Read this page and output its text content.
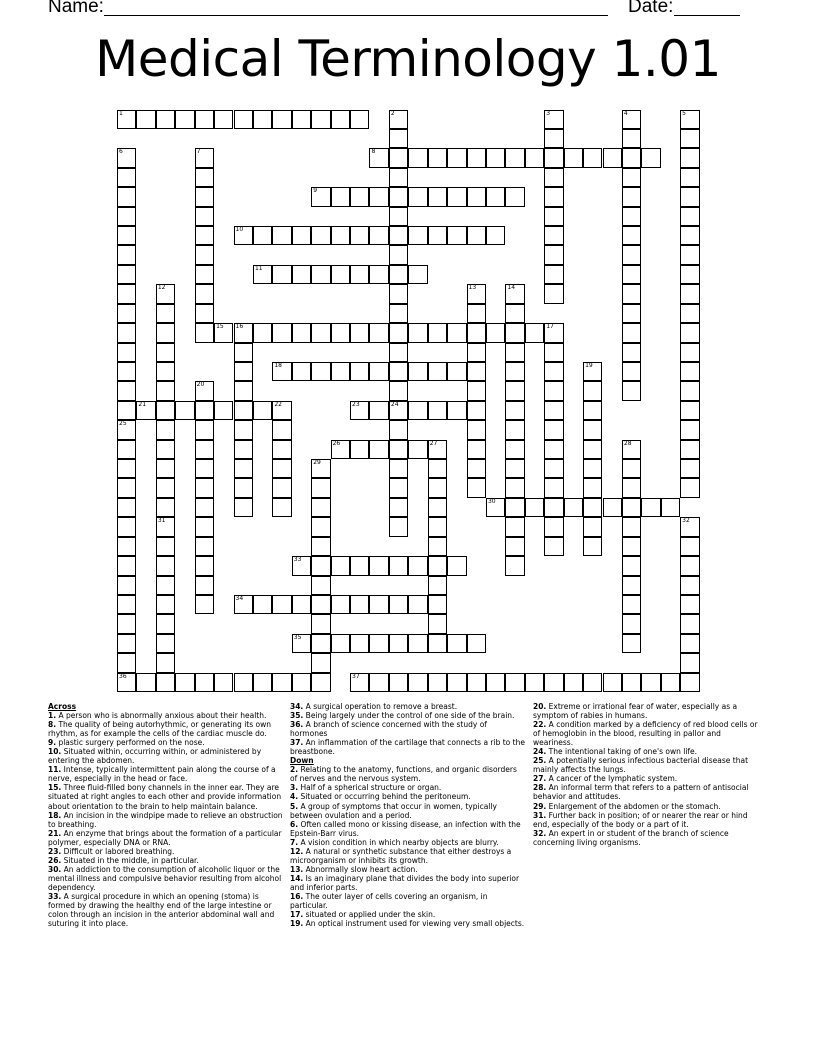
Name:	Date:
Medical Terminology 1.01
1	2
24
3	4	5
6
25
7	8
9
10
11
12
31
13	14
15 16	17
18	19
20
21	22	23
36
26	27	28
29
30
32
33
34
35
37
Across
1. A person who is abnormally anxious about their health.
8. The quality of being autorhythmic, or generating its own rhythm, as for example the cells of the cardiac muscle do.
9. plastic surgery performed on the nose.
10. Situated within, occurring within, or administered by entering the abdomen.
11. Intense, typically intermittent pain along the course of a nerve, especially in the head or face.
15. Three fluid-filled bony channels in the inner ear. They are situated at right angles to each other and provide information about orientation to the brain to help maintain balance.
18. An incision in the windpipe made to relieve an obstruction to breathing.
21. An enzyme that brings about the formation of a particular polymer, especially DNA or RNA.
23. Difficult or labored breathing.
26. Situated in the middle, in particular.
30. An addiction to the consumption of alcoholic liquor or the mental illness and compulsive behavior resulting from alcohol dependency.
33. A surgical procedure in which an opening (stoma) is formed by drawing the healthy end of the large intestine or colon through an incision in the anterior abdominal wall and suturing it into place.
34. A surgical operation to remove a breast.
35. Being largely under the control of one side of the brain.
36. A branch of science concerned with the study of hormones
37. An inflammation of the cartilage that connects a rib to the breastbone.
Down
2. Relating to the anatomy, functions, and organic disorders of nerves and the nervous system.
3. Half of a spherical structure or organ.
4. Situated or occurring behind the peritoneum.
5. A group of symptoms that occur in women, typically between ovulation and a period.
6. Often called mono or kissing disease, an infection with the Epstein-Barr virus.
7. A vision condition in which nearby objects are blurry.
12. A natural or synthetic substance that either destroys a microorganism or inhibits its growth.
13. Abnormally slow heart action.
14. Is an imaginary plane that divides the body into superior and inferior parts.
16. The outer layer of cells covering an organism, in particular.
17. situated or applied under the skin.
19. An optical instrument used for viewing very small objects.
20. Extreme or irrational fear of water, especially as a symptom of rabies in humans.
22. A condition marked by a deficiency of red blood cells or of hemoglobin in the blood, resulting in pallor and weariness.
24. The intentional taking of one's own life.
25. A potentially serious infectious bacterial disease that mainly affects the lungs.
27. A cancer of the lymphatic system.
28. An informal term that refers to a pattern of antisocial behavior and attitudes.
29. Enlargement of the abdomen or the stomach.
31. Further back in position; of or nearer the rear or hind end, especially of the body or a part of it.
32. An expert in or student of the branch of science concerning living organisms.
